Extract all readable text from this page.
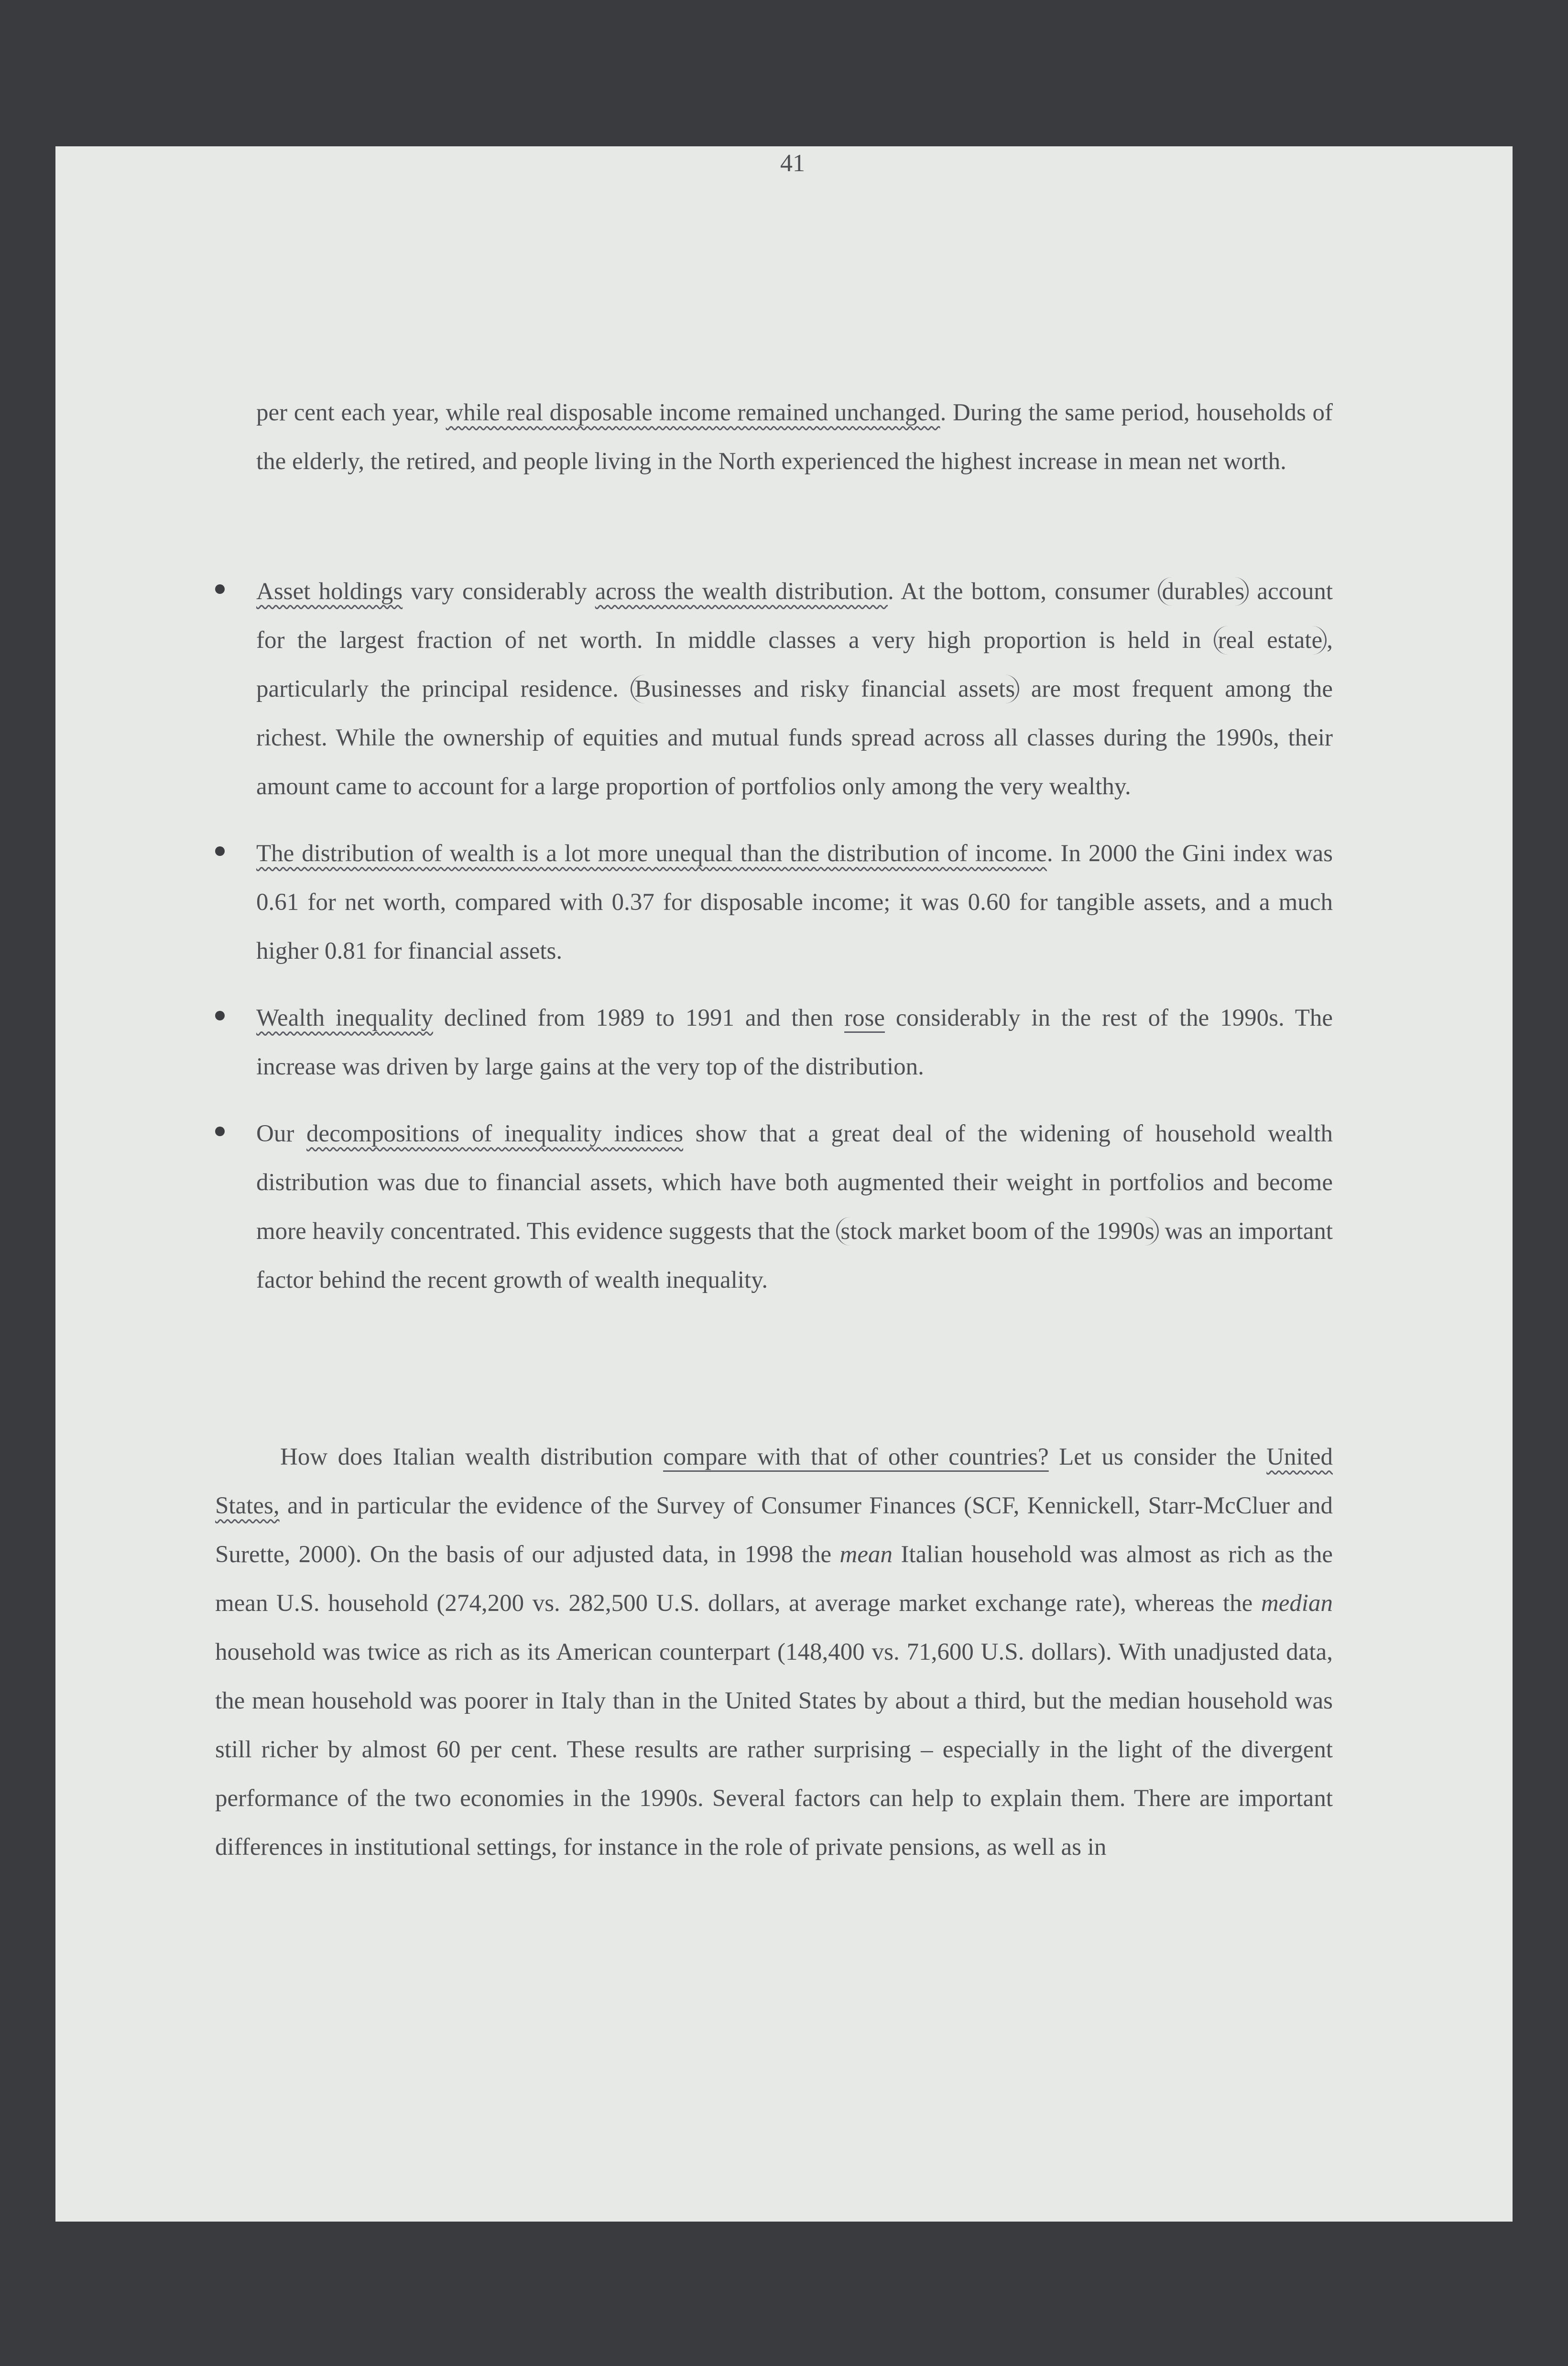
41

per cent each year, while real disposable income remained unchanged. During the same period, households of the elderly, the retired, and people living in the North experienced the highest increase in mean net worth.

Asset holdings vary considerably across the wealth distribution. At the bottom, consumer durables account for the largest fraction of net worth. In middle classes a very high proportion is held in real estate , particularly the principal residence. Businesses and risky financial assets are most frequent among the richest. While the ownership of equities and mutual funds spread across all classes during the 1990s, their amount came to account for a large proportion of portfolios only among the very wealthy.
The distribution of wealth is a lot more unequal than the distribution of income. In 2000 the Gini index was 0.61 for net worth, compared with 0.37 for disposable income; it was 0.60 for tangible assets, and a much higher 0.81 for financial assets.
Wealth inequality declined from 1989 to 1991 and then rose considerably in the rest of the 1990s. The increase was driven by large gains at the very top of the distribution.
Our decompositions of inequality indices show that a great deal of the widening of household wealth distribution was due to financial assets, which have both augmented their weight in portfolios and become more heavily concentrated. This evidence suggests that the stock market boom of the 1990s was an important factor behind the recent growth of wealth inequality.

How does Italian wealth distribution compare with that of other countries? Let us consider the United States, and in particular the evidence of the Survey of Consumer Finances (SCF, Kennickell, Starr-McCluer and Surette, 2000). On the basis of our adjusted data, in 1998 the mean Italian household was almost as rich as the mean U.S. household (274,200 vs. 282,500 U.S. dollars, at average market exchange rate), whereas the median household was twice as rich as its American counterpart (148,400 vs. 71,600 U.S. dollars). With unadjusted data, the mean household was poorer in Italy than in the United States by about a third, but the median household was still richer by almost 60 per cent. These results are rather surprising – especially in the light of the divergent performance of the two economies in the 1990s. Several factors can help to explain them. There are important differences in institutional settings, for instance in the role of private pensions, as well as in
